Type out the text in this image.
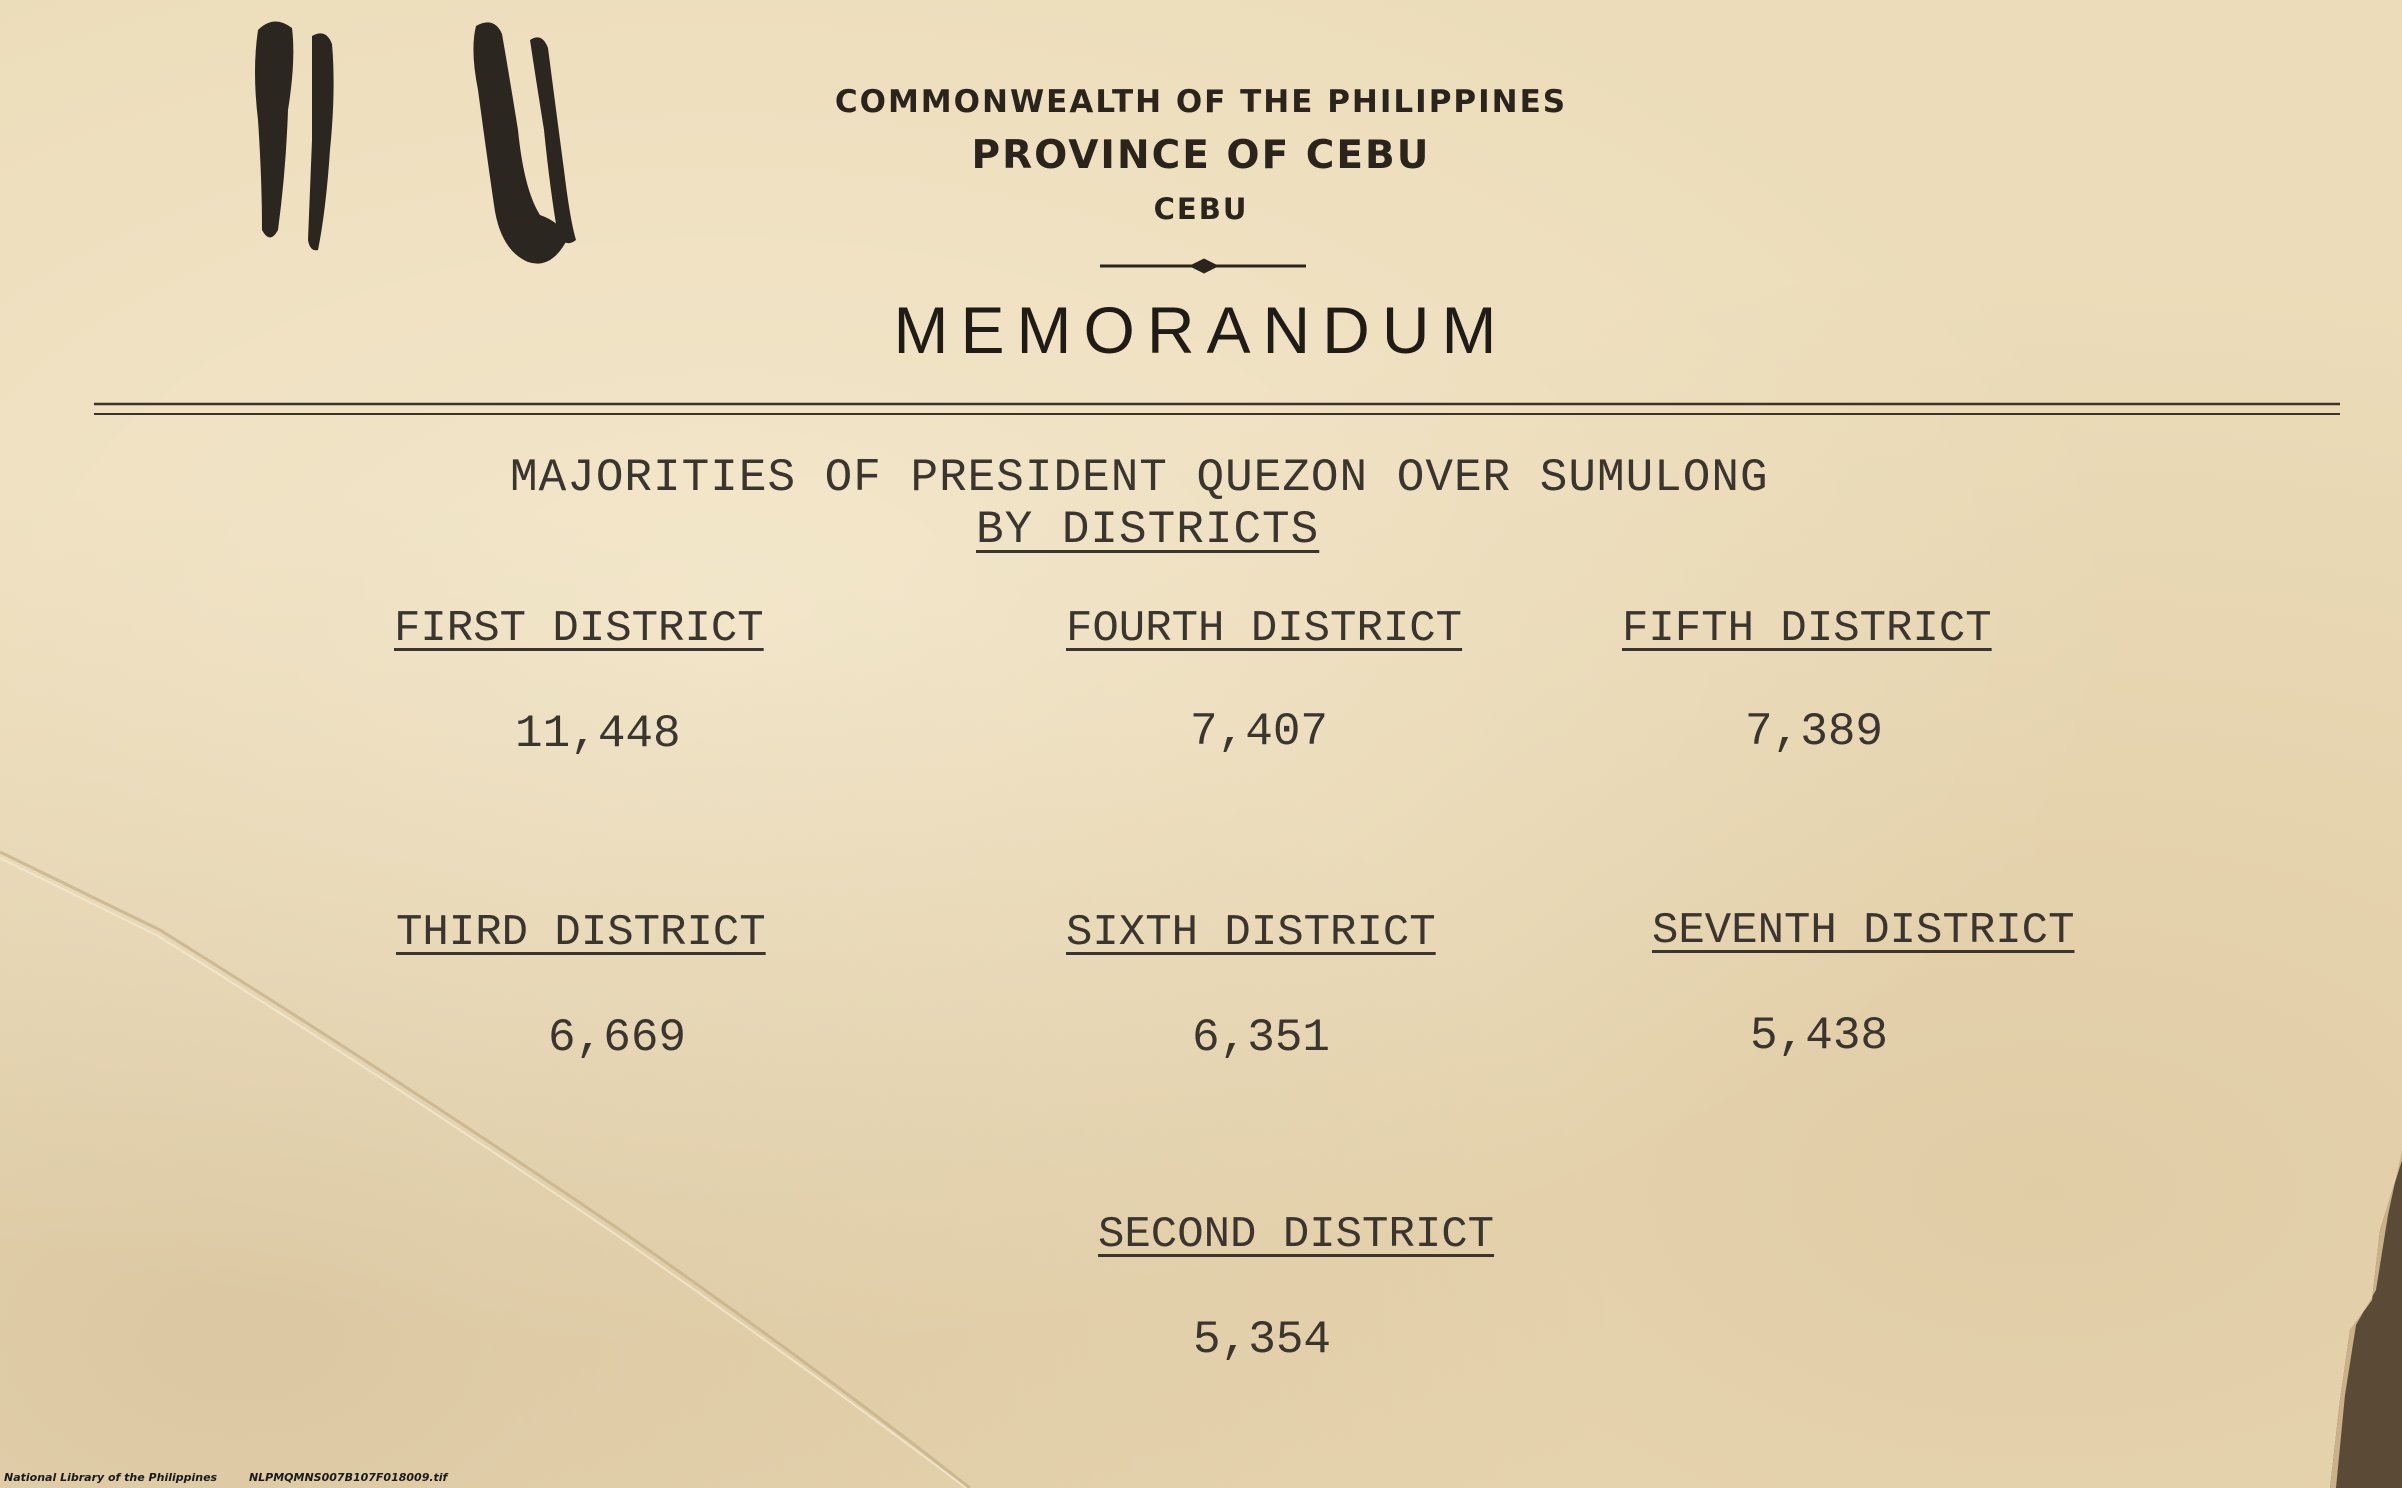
COMMONWEALTH OF THE PHILIPPINES
PROVINCE OF CEBU
CEBU
MEMORANDUM
MAJORITIES OF PRESIDENT QUEZON OVER SUMULONG
BY DISTRICTS
FIRST DISTRICT
11,448
FOURTH DISTRICT
7,407
FIFTH DISTRICT
7,389
THIRD DISTRICT
6,669
SIXTH DISTRICT
6,351
SEVENTH DISTRICT
5,438
SECOND DISTRICT
5,354
National Library of the Philippines	NLPMQMNS007B107F018009.tif
